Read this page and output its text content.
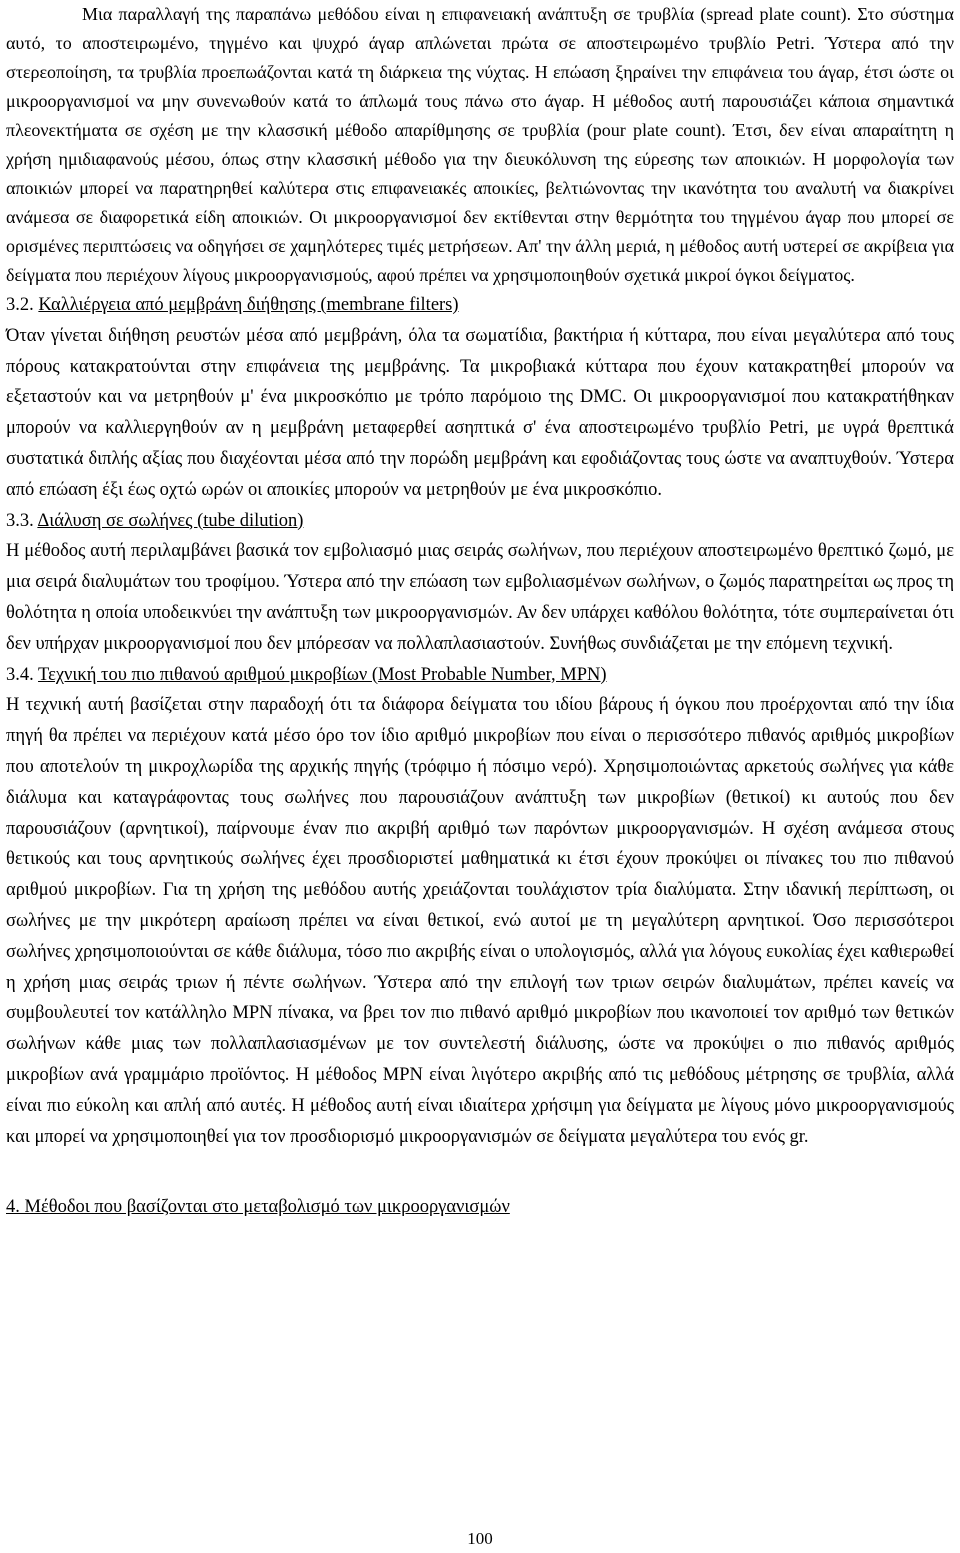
Μια παραλλαγή της παραπάνω μεθόδου είναι η επιφανειακή ανάπτυξη σε τρυβλία (spread plate count). Στο σύστημα αυτό, το αποστειρωμένο, τηγμένο και ψυχρό άγαρ απλώνεται πρώτα σε αποστειρωμένο τρυβλίο Petri. Ύστερα από την στερεοποίηση, τα τρυβλία προεπωάζονται κατά τη διάρκεια της νύχτας. Η επώαση ξηραίνει την επιφάνεια του άγαρ, έτσι ώστε οι μικροοργανισμοί να μην συνενωθούν κατά το άπλωμά τους πάνω στο άγαρ. Η μέθοδος αυτή παρουσιάζει κάποια σημαντικά πλεονεκτήματα σε σχέση με την κλασσική μέθοδο απαρίθμησης σε τρυβλία (pour plate count). Έτσι, δεν είναι απαραίτητη η χρήση ημιδιαφανούς μέσου, όπως στην κλασσική μέθοδο για την διευκόλυνση της εύρεσης των αποικιών. Η μορφολογία των αποικιών μπορεί να παρατηρηθεί καλύτερα στις επιφανειακές αποικίες, βελτιώνοντας την ικανότητα του αναλυτή να διακρίνει ανάμεσα σε διαφορετικά είδη αποικιών. Οι μικροοργανισμοί δεν εκτίθενται στην θερμότητα του τηγμένου άγαρ που μπορεί σε ορισμένες περιπτώσεις να οδηγήσει σε χαμηλότερες τιμές μετρήσεων. Απ' την άλλη μεριά, η μέθοδος αυτή υστερεί σε ακρίβεια για δείγματα που περιέχουν λίγους μικροοργανισμούς, αφού πρέπει να χρησιμοποιηθούν σχετικά μικροί όγκοι δείγματος.

3.2. Καλλιέργεια από μεμβράνη διήθησης (membrane filters)

Όταν γίνεται διήθηση ρευστών μέσα από μεμβράνη, όλα τα σωματίδια, βακτήρια ή κύτταρα, που είναι μεγαλύτερα από τους πόρους κατακρατούνται στην επιφάνεια της μεμβράνης. Τα μικροβιακά κύτταρα που έχουν κατακρατηθεί μπορούν να εξεταστούν και να μετρηθούν μ' ένα μικροσκόπιο με τρόπο παρόμοιο της DMC. Οι μικροοργανισμοί που κατακρατήθηκαν μπορούν να καλλιεργηθούν αν η μεμβράνη μεταφερθεί ασηπτικά σ' ένα αποστειρωμένο τρυβλίο Petri, με υγρά θρεπτικά συστατικά διπλής αξίας που διαχέονται μέσα από την πορώδη μεμβράνη και εφοδιάζοντας τους ώστε να αναπτυχθούν. Ύστερα από επώαση έξι έως οχτώ ωρών οι αποικίες μπορούν να μετρηθούν με ένα μικροσκόπιο.

3.3. Διάλυση σε σωλήνες (tube dilution)

Η μέθοδος αυτή περιλαμβάνει βασικά τον εμβολιασμό μιας σειράς σωλήνων, που περιέχουν αποστειρωμένο θρεπτικό ζωμό, με μια σειρά διαλυμάτων του τροφίμου. Ύστερα από την επώαση των εμβολιασμένων σωλήνων, ο ζωμός παρατηρείται ως προς τη θολότητα η οποία υποδεικνύει την ανάπτυξη των μικροοργανισμών. Αν δεν υπάρχει καθόλου θολότητα, τότε συμπεραίνεται ότι δεν υπήρχαν μικροοργανισμοί που δεν μπόρεσαν να πολλαπλασιαστούν. Συνήθως συνδιάζεται με την επόμενη τεχνική.

3.4. Τεχνική του πιο πιθανού αριθμού μικροβίων (Most Probable Number, MPN)

Η τεχνική αυτή βασίζεται στην παραδοχή ότι τα διάφορα δείγματα του ιδίου βάρους ή όγκου που προέρχονται από την ίδια πηγή θα πρέπει να περιέχουν κατά μέσο όρο τον ίδιο αριθμό μικροβίων που είναι ο περισσότερο πιθανός αριθμός μικροβίων που αποτελούν τη μικροχλωρίδα της αρχικής πηγής (τρόφιμο ή πόσιμο νερό). Χρησιμοποιώντας αρκετούς σωλήνες για κάθε διάλυμα και καταγράφοντας τους σωλήνες που παρουσιάζουν ανάπτυξη των μικροβίων (θετικοί) κι αυτούς που δεν παρουσιάζουν (αρνητικοί), παίρνουμε έναν πιο ακριβή αριθμό των παρόντων μικροοργανισμών. Η σχέση ανάμεσα στους θετικούς και τους αρνητικούς σωλήνες έχει προσδιοριστεί μαθηματικά κι έτσι έχουν προκύψει οι πίνακες του πιο πιθανού αριθμού μικροβίων. Για τη χρήση της μεθόδου αυτής χρειάζονται τουλάχιστον τρία διαλύματα. Στην ιδανική περίπτωση, οι σωλήνες με την μικρότερη αραίωση πρέπει να είναι θετικοί, ενώ αυτοί με τη μεγαλύτερη αρνητικοί. Όσο περισσότεροι σωλήνες χρησιμοποιούνται σε κάθε διάλυμα, τόσο πιο ακριβής είναι ο υπολογισμός, αλλά για λόγους ευκολίας έχει καθιερωθεί η χρήση μιας σειράς τριων ή πέντε σωλήνων. Ύστερα από την επιλογή των τριων σειρών διαλυμάτων, πρέπει κανείς να συμβουλευτεί τον κατάλληλο MPN πίνακα, να βρει τον πιο πιθανό αριθμό μικροβίων που ικανοποιεί τον αριθμό των θετικών σωλήνων κάθε μιας των πολλαπλασιασμένων με τον συντελεστή διάλυσης, ώστε να προκύψει ο πιο πιθανός αριθμός μικροβίων ανά γραμμάριο προϊόντος. Η μέθοδος MPN είναι λιγότερο ακριβής από τις μεθόδους μέτρησης σε τρυβλία, αλλά είναι πιο εύκολη και απλή από αυτές. Η μέθοδος αυτή είναι ιδιαίτερα χρήσιμη για δείγματα με λίγους μόνο μικροοργανισμούς και μπορεί να χρησιμοποιηθεί για τον προσδιορισμό μικροοργανισμών σε δείγματα μεγαλύτερα του ενός gr.

4. Μέθοδοι που βασίζονται στο μεταβολισμό των μικροοργανισμών

100
